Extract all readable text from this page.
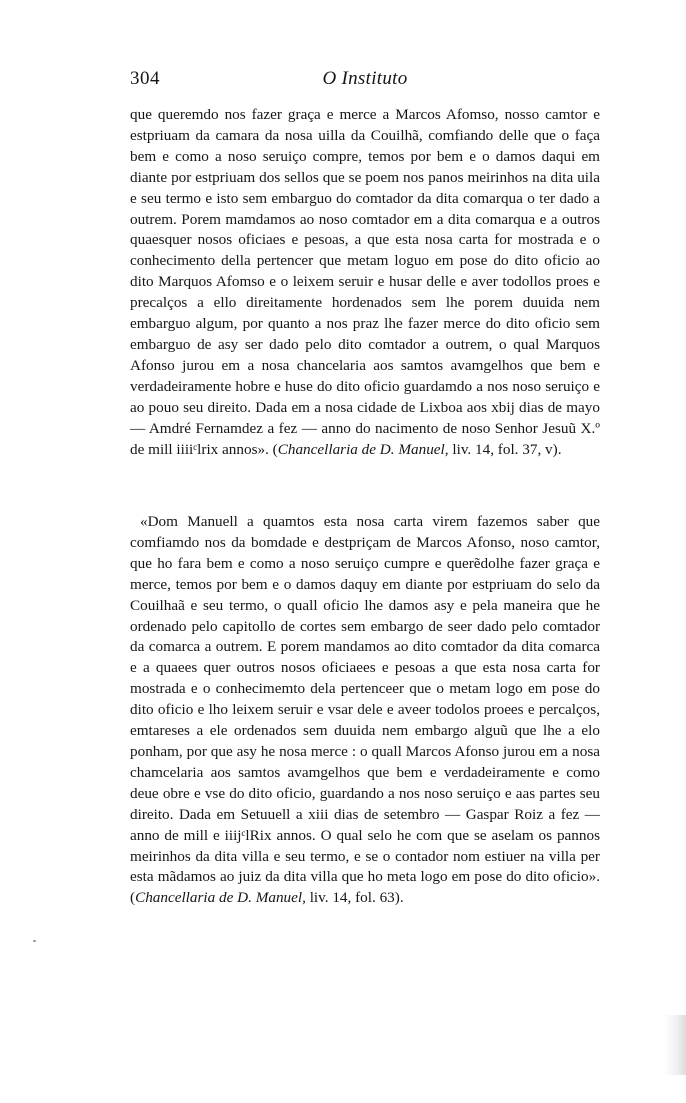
304	O Instituto

que queremdo nos fazer graça e merce a Marcos Afomso, nosso camtor e estpriuam da camara da nosa uilla da Couilhã, comfiando delle que o faça bem e como a noso seruiço compre, temos por bem e o damos daqui em diante por estpriuam dos sellos que se poem nos panos meirinhos na dita uila e seu termo e isto sem embarguo do comtador da dita comarqua o ter dado a outrem. Porem mamdamos ao noso comtador em a dita comarqua e a outros quaesquer nosos oficiaes e pesoas, a que esta nosa carta for mostrada e o conhecimento della pertencer que metam loguo em pose do dito oficio ao dito Marquos Afomso e o leixem seruir e husar delle e aver todollos proes e precalços a ello direitamente hordenados sem lhe porem duuida nem embarguo algum, por quanto a nos praz lhe fazer merce do dito oficio sem embarguo de asy ser dado pelo dito comtador a outrem, o qual Marquos Afonso jurou em a nosa chancelaria aos samtos avamgelhos que bem e verdadeiramente hobre e huse do dito oficio guardamdo a nos noso seruiço e ao pouo seu direito. Dada em a nosa cidade de Lixboa aos xbij dias de mayo — Amdré Fernamdez a fez — anno do nacimento de noso Senhor Jesuũ X.º de mill iiiiᶜlrix annos». (Chancellaria de D. Manuel, liv. 14, fol. 37, v).

«Dom Manuell a quamtos esta nosa carta virem fazemos saber que comfiamdo nos da bomdade e destpriçam de Marcos Afonso, noso camtor, que ho fara bem e como a noso seruiço cumpre e querẽdolhe fazer graça e merce, temos por bem e o damos daquy em diante por estpriuam do selo da Couilhaã e seu termo, o quall oficio lhe damos asy e pela maneira que he ordenado pelo capitollo de cortes sem embargo de seer dado pelo comtador da comarca a outrem. E porem mandamos ao dito comtador da dita comarca e a quaees quer outros nosos oficiaees e pesoas a que esta nosa carta for mostrada e o conhecimemto dela pertenceer que o metam logo em pose do dito oficio e lho leixem seruir e vsar dele e aveer todolos proees e percalços, emtareses a ele ordenados sem duuida nem embargo alguũ que lhe a elo ponham, por que asy he nosa merce : o quall Marcos Afonso jurou em a nosa chamcelaria aos samtos avamgelhos que bem e verdadeiramente e como deue obre e vse do dito oficio, guardando a nos noso seruiço e aas partes seu direito. Dada em Setuuell a xiii dias de setembro — Gaspar Roiz a fez — anno de mill e iiijᶜlRix annos. O qual selo he com que se aselam os pannos meirinhos da dita villa e seu termo, e se o contador nom estiuer na villa per esta mãdamos ao juiz da dita villa que ho meta logo em pose do dito oficio». (Chancellaria de D. Manuel, liv. 14, fol. 63).
